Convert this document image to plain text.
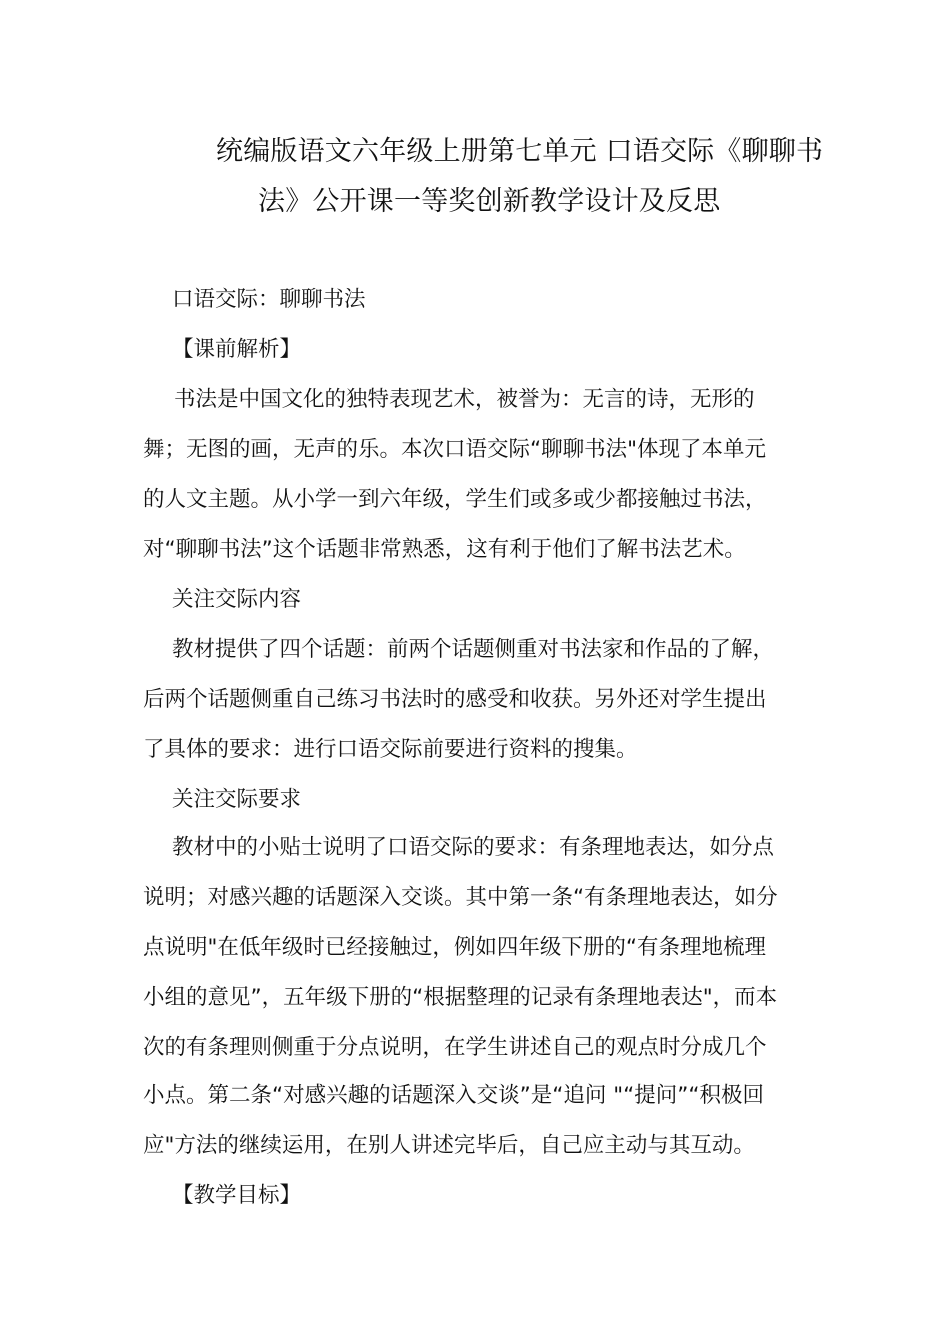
统编版语文六年级上册第七单元 口语交际《聊聊书
法》公开课一等奖创新教学设计及反思
口语交际：聊聊书法
【课前解析】
书法是中国文化的独特表现艺术，被誉为：无言的诗，无形的
舞；无图的画，无声的乐。本次口语交际“聊聊书法"体现了本单元
的人文主题。从小学一到六年级，学生们或多或少都接触过书法，
对“聊聊书法”这个话题非常熟悉，这有利于他们了解书法艺术。
关注交际内容
教材提供了四个话题：前两个话题侧重对书法家和作品的了解，
后两个话题侧重自己练习书法时的感受和收获。另外还对学生提出
了具体的要求：进行口语交际前要进行资料的搜集。
关注交际要求
教材中的小贴士说明了口语交际的要求：有条理地表达，如分点
说明；对感兴趣的话题深入交谈。其中第一条“有条理地表达，如分
点说明"在低年级时已经接触过，例如四年级下册的“有条理地梳理
小组的意见”，五年级下册的“根据整理的记录有条理地表达"，而本
次的有条理则侧重于分点说明，在学生讲述自己的观点时分成几个
小点。第二条“对感兴趣的话题深入交谈”是“追问 "“提问”“积极回
应"方法的继续运用，在别人讲述完毕后，自己应主动与其互动。
【教学目标】
